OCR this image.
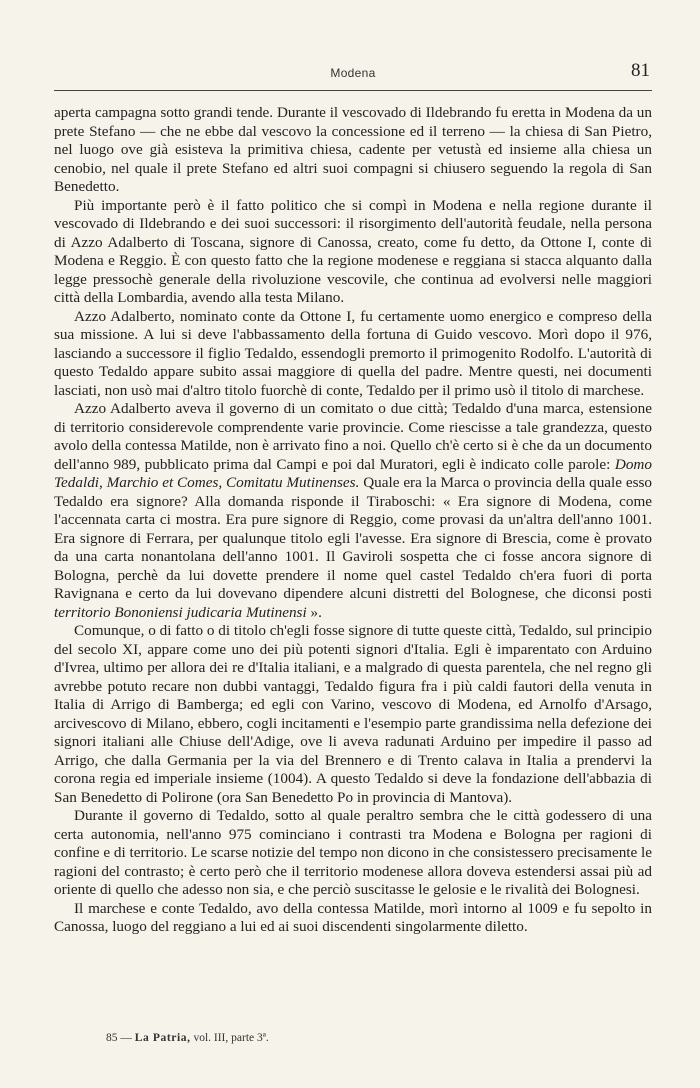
Modena	81

aperta campagna sotto grandi tende. Durante il vescovado di Ildebrando fu eretta in Modena da un prete Stefano — che ne ebbe dal vescovo la concessione ed il terreno — la chiesa di San Pietro, nel luogo ove già esisteva la primitiva chiesa, cadente per vetustà ed insieme alla chiesa un cenobio, nel quale il prete Stefano ed altri suoi compagni si chiusero seguendo la regola di San Benedetto.

Più importante però è il fatto politico che si compì in Modena e nella regione durante il vescovado di Ildebrando e dei suoi successori: il risorgimento dell'autorità feudale, nella persona di Azzo Adalberto di Toscana, signore di Canossa, creato, come fu detto, da Ottone I, conte di Modena e Reggio. È con questo fatto che la regione modenese e reggiana si stacca alquanto dalla legge pressochè generale della rivoluzione vescovile, che continua ad evolversi nelle maggiori città della Lombardia, avendo alla testa Milano.

Azzo Adalberto, nominato conte da Ottone I, fu certamente uomo energico e compreso della sua missione. A lui si deve l'abbassamento della fortuna di Guido vescovo. Morì dopo il 976, lasciando a successore il figlio Tedaldo, essendogli premorto il primogenito Rodolfo. L'autorità di questo Tedaldo appare subito assai maggiore di quella del padre. Mentre questi, nei documenti lasciati, non usò mai d'altro titolo fuorchè di conte, Tedaldo per il primo usò il titolo di marchese.

Azzo Adalberto aveva il governo di un comitato o due città; Tedaldo d'una marca, estensione di territorio considerevole comprendente varie provincie. Come riescisse a tale grandezza, questo avolo della contessa Matilde, non è arrivato fino a noi. Quello ch'è certo si è che da un documento dell'anno 989, pubblicato prima dal Campi e poi dal Muratori, egli è indicato colle parole: Domo Tedaldi, Marchio et Comes, Comitatu Mutinenses. Quale era la Marca o provincia della quale esso Tedaldo era signore? Alla domanda risponde il Tiraboschi: « Era signore di Modena, come l'accennata carta ci mostra. Era pure signore di Reggio, come provasi da un'altra dell'anno 1001. Era signore di Ferrara, per qualunque titolo egli l'avesse. Era signore di Brescia, come è provato da una carta nonantolana dell'anno 1001. Il Gaviroli sospetta che ci fosse ancora signore di Bologna, perchè da lui dovette prendere il nome quel castel Tedaldo ch'era fuori di porta Ravignana e certo da lui dovevano dipendere alcuni distretti del Bolognese, che diconsi posti territorio Bononiensi judicaria Mutinensi ».

Comunque, o di fatto o di titolo ch'egli fosse signore di tutte queste città, Tedaldo, sul principio del secolo XI, appare come uno dei più potenti signori d'Italia. Egli è imparentato con Arduino d'Ivrea, ultimo per allora dei re d'Italia italiani, e a malgrado di questa parentela, che nel regno gli avrebbe potuto recare non dubbi vantaggi, Tedaldo figura fra i più caldi fautori della venuta in Italia di Arrigo di Bamberga; ed egli con Varino, vescovo di Modena, ed Arnolfo d'Arsago, arcivescovo di Milano, ebbero, cogli incitamenti e l'esempio parte grandissima nella defezione dei signori italiani alle Chiuse dell'Adige, ove li aveva radunati Arduino per impedire il passo ad Arrigo, che dalla Germania per la via del Brennero e di Trento calava in Italia a prendervi la corona regia ed imperiale insieme (1004). A questo Tedaldo si deve la fondazione dell'abbazia di San Benedetto di Polirone (ora San Benedetto Po in provincia di Mantova).

Durante il governo di Tedaldo, sotto al quale peraltro sembra che le città godessero di una certa autonomia, nell'anno 975 cominciano i contrasti tra Modena e Bologna per ragioni di confine e di territorio. Le scarse notizie del tempo non dicono in che consistessero precisamente le ragioni del contrasto; è certo però che il territorio modenese allora doveva estendersi assai più ad oriente di quello che adesso non sia, e che perciò suscitasse le gelosie e le rivalità dei Bolognesi.

Il marchese e conte Tedaldo, avo della contessa Matilde, morì intorno al 1009 e fu sepolto in Canossa, luogo del reggiano a lui ed ai suoi discendenti singolarmente diletto.

85 — La Patria, vol. III, parte 3ª.
